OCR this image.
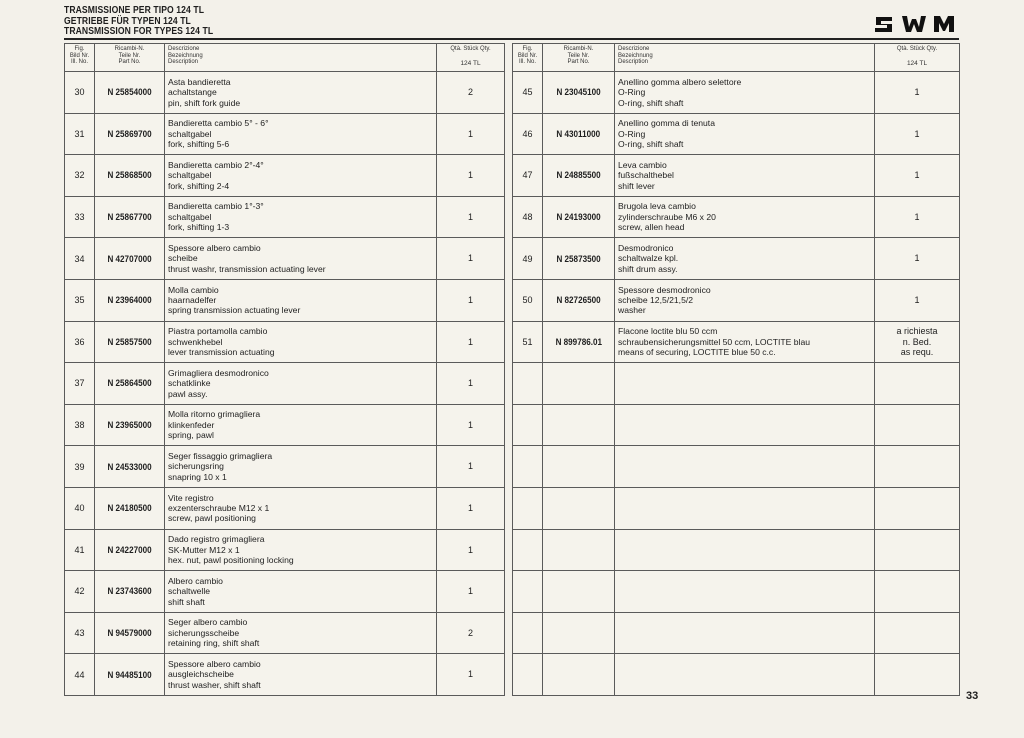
TRASMISSIONE PER TIPO 124 TL
GETRIEBE FÜR TYPEN 124 TL
TRANSMISSION FOR TYPES 124 TL
Fig.
Bild Nr.
Ill. No.	Ricambi-N.
Teile Nr.
Part No.	Descrizione
Bezeichnung
Description	Qtà. Stück Qty.
124 TL

30	N 25854000	Asta bandieretta
achaltstange
pin, shift fork guide	2

31	N 25869700	Bandieretta cambio 5° - 6°
schaltgabel
fork, shifting 5-6	1

32	N 25868500	Bandieretta cambio 2°-4°
schaltgabel
fork, shifting 2-4	1

33	N 25867700	Bandieretta cambio 1°-3°
schaltgabel
fork, shifting 1-3	1

34	N 42707000	Spessore albero cambio
scheibe
thrust washr, transmission actuating lever	1

35	N 23964000	Molla cambio
haarnadelfer
spring transmission actuating lever	1

36	N 25857500	Piastra portamolla cambio
schwenkhebel
lever transmission actuating	1

37	N 25864500	Grimagliera desmodronico
schatklinke
pawl assy.	1

38	N 23965000	Molla ritorno grimagliera
klinkenfeder
spring, pawl	1

39	N 24533000	Seger fissaggio grimagliera
sicherungsring
snapring 10 x 1	1

40	N 24180500	Vite registro
exzenterschraube M12 x 1
screw, pawl positioning	1

41	N 24227000	Dado registro grimagliera
SK-Mutter M12 x 1
hex. nut, pawl positioning locking	1

42	N 23743600	Albero cambio
schaltwelle
shift shaft	1

43	N 94579000	Seger albero cambio
sicherungsscheibe
retaining ring, shift shaft	2

44	N 94485100	Spessore albero cambio
ausgleichscheibe
thrust washer, shift shaft	1
Fig.
Bild Nr.
Ill. No.	Ricambi-N.
Teile Nr.
Part No.	Descrizione
Bezeichnung
Description	Qtà. Stück Qty.
124 TL

45	N 23045100	Anellino gomma albero selettore
O-Ring
O-ring, shift shaft	1

46	N 43011000	Anellino gomma di tenuta
O-Ring
O-ring, shift shaft	1

47	N 24885500	Leva cambio
fußschalthebel
shift lever	1

48	N 24193000	Brugola leva cambio
zylinderschraube M6 x 20
screw, allen head	1

49	N 25873500	Desmodronico
schaltwalze kpl.
shift drum assy.	1

50	N 82726500	Spessore desmodronico
scheibe 12,5/21,5/2
washer	1

51	N 899786.01	Flacone loctite blu 50 ccm
schraubensicherungsmittel 50 ccm, LOCTITE blau
means of securing, LOCTITE blue 50 c.c.	a richiesta
n. Bed.
as requ.

33
